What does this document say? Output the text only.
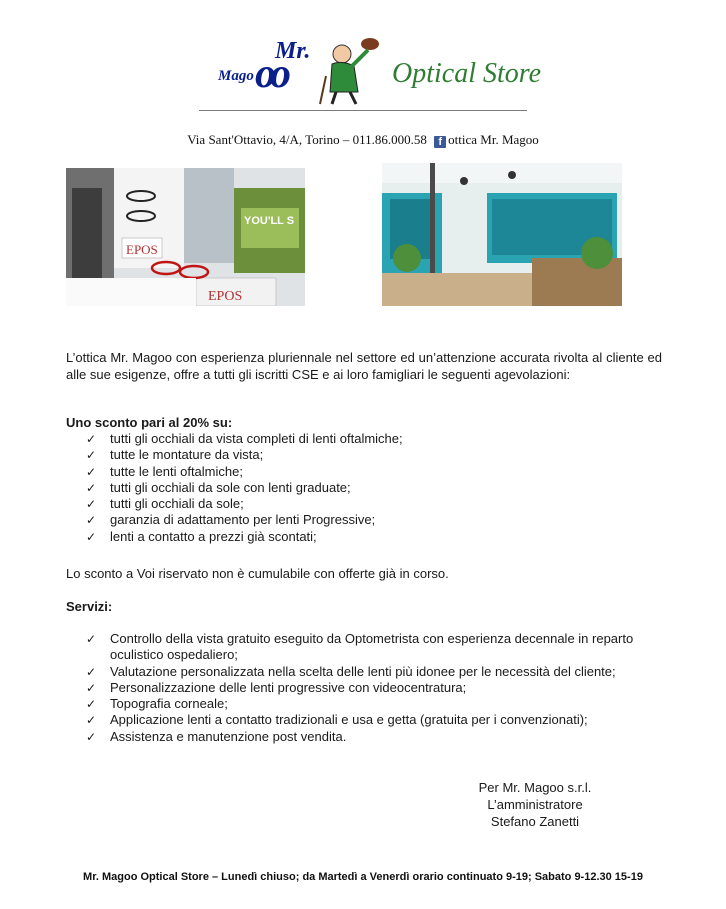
Mr.
Mago oo	Optical Store
Via Sant'Ottavio, 4/A, Torino – 011.86.000.58 f ottica Mr. Magoo
YOU'LL S
EPOS
EPOS
L’ottica Mr. Magoo con esperienza pluriennale nel settore ed un’attenzione accurata rivolta al cliente ed alle sue esigenze, offre a tutti gli iscritti CSE e ai loro famigliari le seguenti agevolazioni:
Uno sconto pari al 20% su:
✓ tutti gli occhiali da vista completi di lenti oftalmiche;
✓ tutte le montature da vista;
✓ tutte le lenti oftalmiche;
✓ tutti gli occhiali da sole con lenti graduate;
✓ tutti gli occhiali da sole;
✓ garanzia di adattamento per lenti Progressive;
✓ lenti a contatto a prezzi già scontati;
Lo sconto a Voi riservato non è cumulabile con offerte già in corso.
Servizi:
✓ Controllo della vista gratuito eseguito da Optometrista con esperienza decennale in reparto oculistico ospedaliero;
✓ Valutazione personalizzata nella scelta delle lenti più idonee per le necessità del cliente;
✓ Personalizzazione delle lenti progressive con videocentratura;
✓ Topografia corneale;
✓ Applicazione lenti a contatto tradizionali e usa e getta (gratuita per i convenzionati);
✓ Assistenza e manutenzione post vendita.
Per Mr. Magoo s.r.l.
L’amministratore
Stefano Zanetti
Mr. Magoo Optical Store – Lunedì chiuso; da Martedì a Venerdì orario continuato 9-19; Sabato 9-12.30 15-19
